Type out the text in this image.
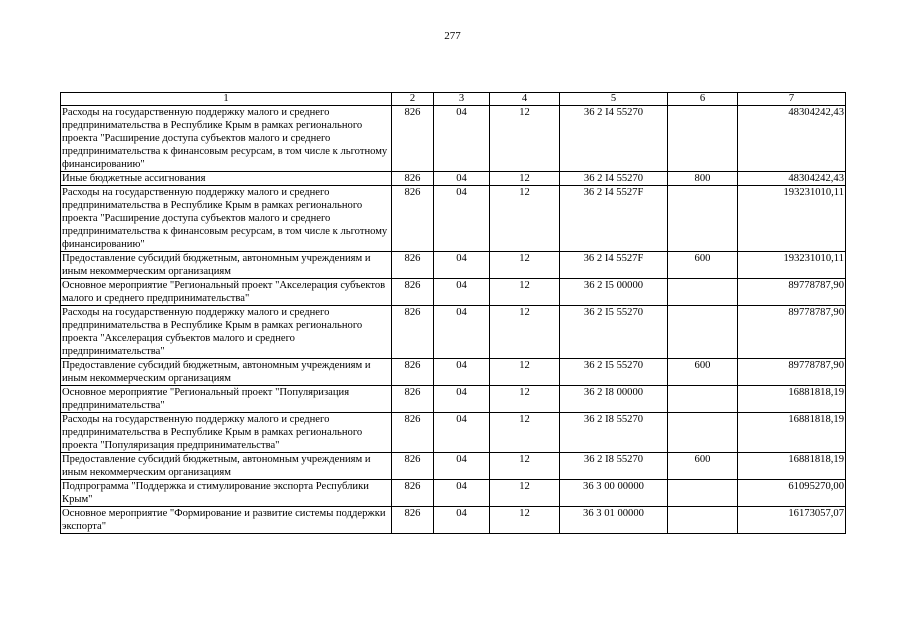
277
1	2	3	4	5	6	7
Расходы на государственную поддержку малого и среднего предпринимательства в Республике Крым в рамках регионального проекта "Расширение доступа субъектов малого и среднего предпринимательства к финансовым ресурсам, в том числе к льготному финансированию"	826	04	12	36 2 I4 55270		48304242,43
Иные бюджетные ассигнования	826	04	12	36 2 I4 55270	800	48304242,43
Расходы на государственную поддержку малого и среднего предпринимательства в Республике Крым в рамках регионального проекта "Расширение доступа субъектов малого и среднего предпринимательства к финансовым ресурсам, в том числе к льготному финансированию"	826	04	12	36 2 I4 5527F		193231010,11
Предоставление субсидий бюджетным, автономным учреждениям и иным некоммерческим организациям	826	04	12	36 2 I4 5527F	600	193231010,11
Основное мероприятие "Региональный проект "Акселерация субъектов малого и среднего предпринимательства"	826	04	12	36 2 I5 00000		89778787,90
Расходы на государственную поддержку малого и среднего предпринимательства в Республике Крым в рамках регионального проекта "Акселерация субъектов малого и среднего предпринимательства"	826	04	12	36 2 I5 55270		89778787,90
Предоставление субсидий бюджетным, автономным учреждениям и иным некоммерческим организациям	826	04	12	36 2 I5 55270	600	89778787,90
Основное мероприятие "Региональный проект "Популяризация предпринимательства"	826	04	12	36 2 I8 00000		16881818,19
Расходы на государственную поддержку малого и среднего предпринимательства в Республике Крым в рамках регионального проекта "Популяризация предпринимательства"	826	04	12	36 2 I8 55270		16881818,19
Предоставление субсидий бюджетным, автономным учреждениям и иным некоммерческим организациям	826	04	12	36 2 I8 55270	600	16881818,19
Подпрограмма "Поддержка и стимулирование экспорта Республики Крым"	826	04	12	36 3 00 00000		61095270,00
Основное мероприятие "Формирование и развитие системы поддержки экспорта"	826	04	12	36 3 01 00000		16173057,07
